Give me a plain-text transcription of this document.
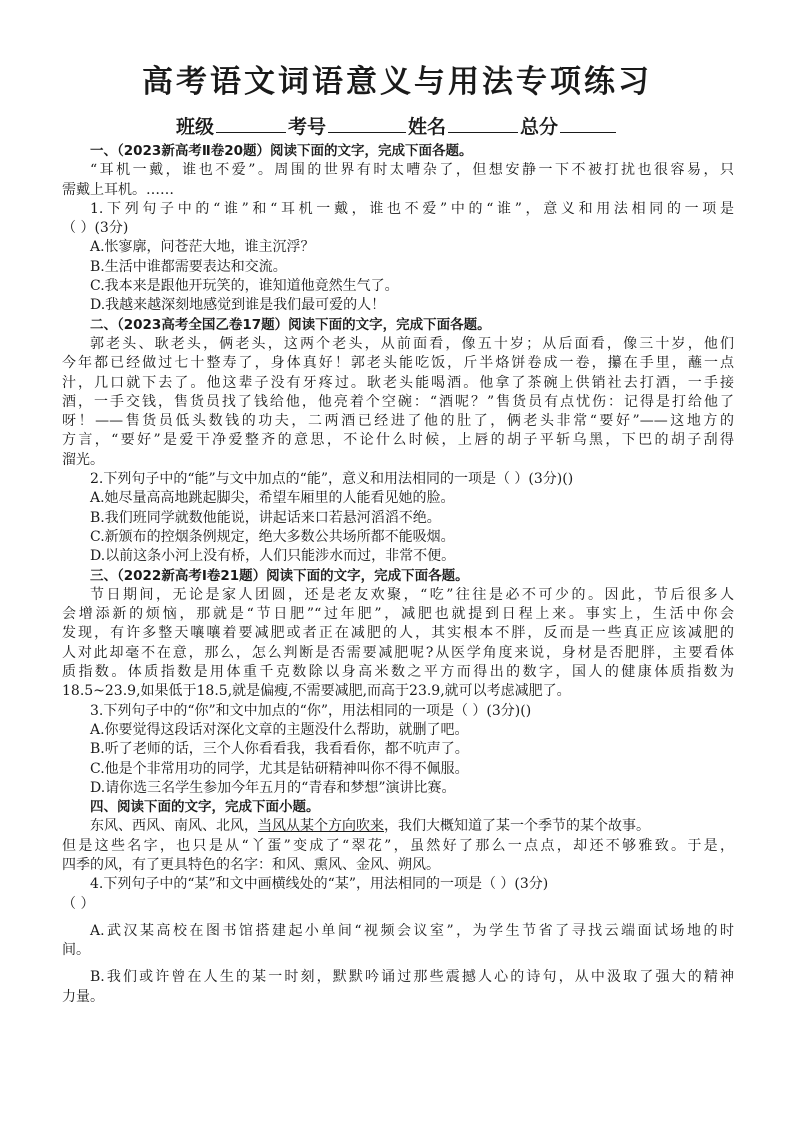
高考语文词语意义与用法专项练习
班级	考号	姓名	总分
一、（2023新高考Ⅱ卷20题）阅读下面的文字，完成下面各题。
“耳机一戴，谁也不爱”。周围的世界有时太嘈杂了，但想安静一下不被打扰也很容易，只
需戴上耳机。……
1.下列句子中的“谁”和“耳机一戴，谁也不爱”中的“谁”，意义和用法相同的一项是
（ ）(3分)
A.怅寥廓，问苍茫大地，谁主沉浮？
B.生活中谁都需要表达和交流。
C.我本来是跟他开玩笑的，谁知道他竟然生气了。
D.我越来越深刻地感觉到谁是我们最可爱的人！
二、（2023高考全国乙卷17题）阅读下面的文字，完成下面各题。
郭老头、耿老头，俩老头，这两个老头，从前面看，像五十岁；从后面看，像三十岁，他们
今年都已经做过七十整寿了，身体真好！郭老头能吃饭，斤半烙饼卷成一卷，攥在手里，蘸一点
汁，几口就下去了。他这辈子没有牙疼过。耿老头能喝酒。他拿了茶碗上供销社去打酒，一手接
酒，一手交钱，售货员找了钱给他，他亮着个空碗：“酒呢？”售货员有点忧伤：记得是打给他了
呀！——售货员低头数钱的功夫，二两酒已经进了他的肚了，俩老头非常“要好”——这地方的
方言，“要好”是爱干净爱整齐的意思，不论什么时候，上唇的胡子平斩乌黑，下巴的胡子刮得
溜光。
2.下列句子中的“能”与文中加点的“能”，意义和用法相同的一项是（ ）(3分)()
A.她尽量高高地跳起脚尖，希望车厢里的人能看见她的脸。
B.我们班同学就数他能说，讲起话来口若悬河滔滔不绝。
C.新颁布的控烟条例规定，绝大多数公共场所都不能吸烟。
D.以前这条小河上没有桥，人们只能涉水而过，非常不便。
三、（2022新高考Ⅰ卷21题）阅读下面的文字，完成下面各题。
节日期间，无论是家人团圆，还是老友欢聚，“吃”往往是必不可少的。因此，节后很多人
会增添新的烦恼，那就是“节日肥”“过年肥”，减肥也就提到日程上来。事实上，生活中你会
发现，有许多整天嚷嚷着要减肥或者正在减肥的人，其实根本不胖，反而是一些真正应该减肥的
人对此却毫不在意，那么，怎么判断是否需要减肥呢?从医学角度来说，身材是否肥胖，主要看体
质指数。体质指数是用体重千克数除以身高米数之平方而得出的数字，国人的健康体质指数为
18.5~23.9,如果低于18.5,就是偏瘦,不需要减肥,而高于23.9,就可以考虑减肥了。
3.下列句子中的“你”和文中加点的“你”，用法相同的一项是（ ）(3分)()
A.你要觉得这段话对深化文章的主题没什么帮助，就删了吧。
B.听了老师的话，三个人你看看我，我看看你，都不吭声了。
C.他是个非常用功的同学，尤其是钻研精神叫你不得不佩服。
D.请你选三名学生参加今年五月的“青春和梦想”演讲比赛。
四、阅读下面的文字，完成下面小题。
东风、西风、南风、北风，当风从某个方向吹来，我们大概知道了某一个季节的某个故事。
但是这些名字，也只是从“丫蛋”变成了“翠花”，虽然好了那么一点点，却还不够雅致。于是，
四季的风，有了更具特色的名字：和风、熏风、金风、朔风。
4.下列句子中的“某”和文中画横线处的“某”，用法相同的一项是（ ）(3分)
（ ）
A.武汉某高校在图书馆搭建起小单间“视频会议室”，为学生节省了寻找云端面试场地的时
间。
B.我们或许曾在人生的某一时刻，默默吟诵过那些震撼人心的诗句，从中汲取了强大的精神
力量。
